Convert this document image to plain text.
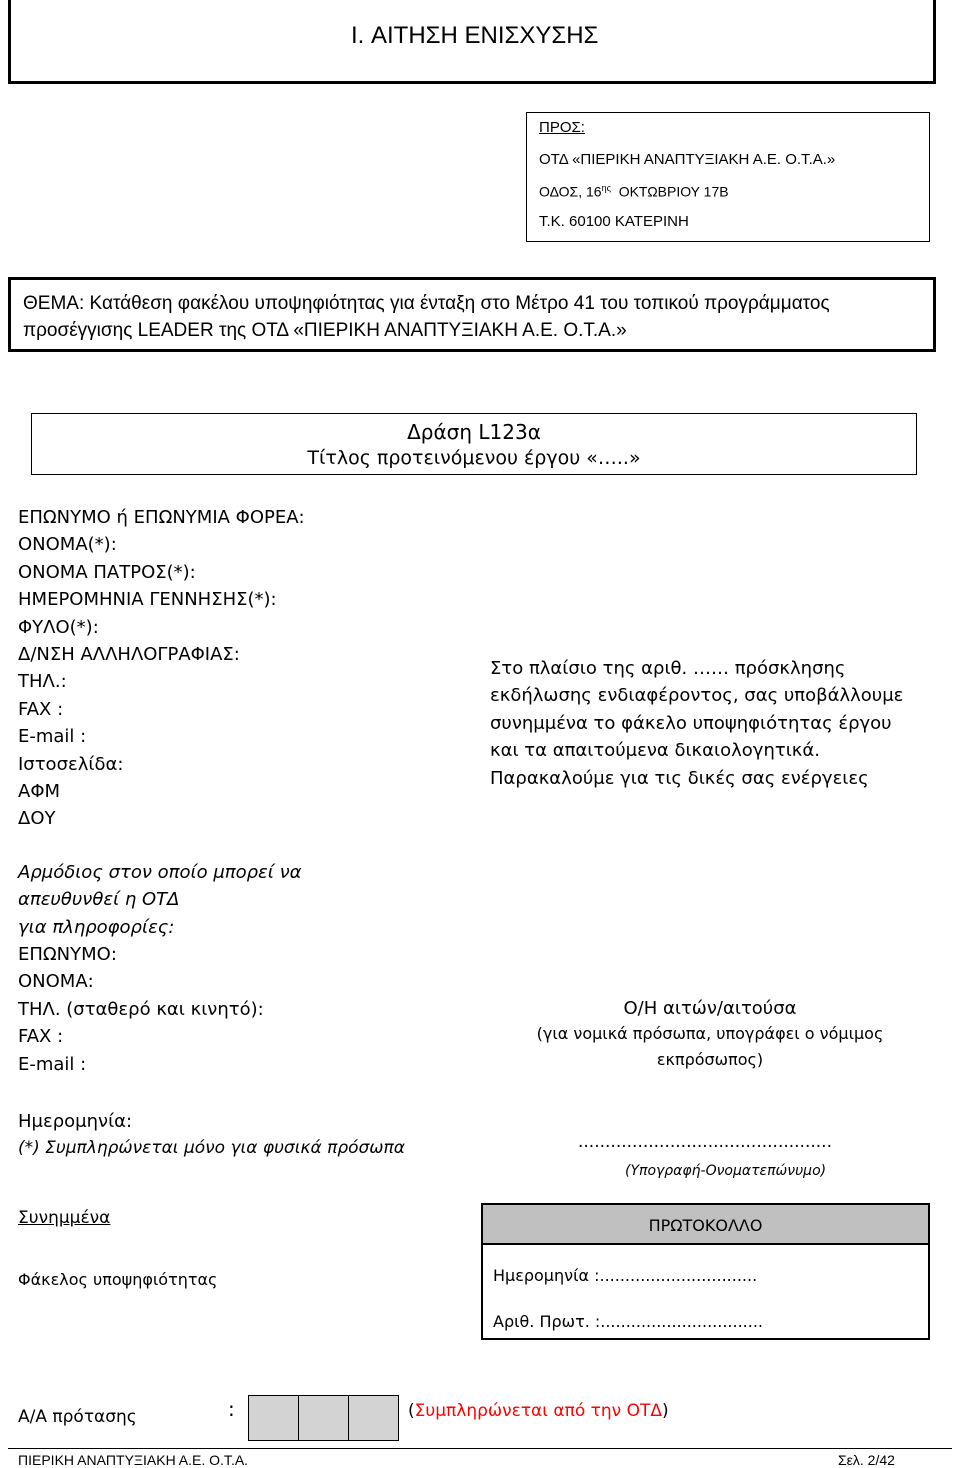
I. ΑΙΤΗΣΗ ΕΝΙΣΧΥΣΗΣ
ΠΡΟΣ:
ΟΤΔ «ΠΙΕΡΙΚΗ ΑΝΑΠΤΥΞΙΑΚΗ Α.Ε. Ο.Τ.Α.»
ΟΔΟΣ, $16^{\eta\varsigma}$ ΟΚΤΩΒΡΙΟΥ 17Β
Τ.Κ. 60100 ΚΑΤΕΡΙΝΗ
ΘΕΜΑ: Κατάθεση φακέλου υποψηφιότητας για ένταξη στο Μέτρο 41 του τοπικού προγράμματος προσέγγισης LEADER της ΟΤΔ «ΠΙΕΡΙΚΗ ΑΝΑΠΤΥΞΙΑΚΗ Α.Ε. Ο.Τ.Α.»
Δράση L123α
Τίτλος προτεινόμενου έργου «…..»
ΕΠΩΝΥΜΟ ή ΕΠΩΝΥΜΙΑ ΦΟΡΕΑ:
ΟΝΟΜΑ(*):
ΟΝΟΜΑ ΠΑΤΡΟΣ(*):
ΗΜΕΡΟΜΗΝΙΑ ΓΕΝΝΗΣΗΣ(*):
ΦΥΛΟ(*):
Δ/ΝΣΗ ΑΛΛΗΛΟΓΡΑΦΙΑΣ:
ΤΗΛ.:
FAX :
E-mail :
Ιστοσελίδα:
ΑΦΜ
ΔΟΥ
Στο πλαίσιο της αριθ. …… πρόσκλησης εκδήλωσης ενδιαφέροντος, σας υποβάλλουμε συνημμένα το φάκελο υποψηφιότητας έργου και τα απαιτούμενα δικαιολογητικά. Παρακαλούμε για τις δικές σας ενέργειες
Αρμόδιος στον οποίο μπορεί να
απευθυνθεί η ΟΤΔ
για πληροφορίες:
ΕΠΩΝΥΜΟ:
ΟΝΟΜΑ:
ΤΗΛ. (σταθερό και κινητό):
FAX :
E-mail :
Ο/Η αιτών/αιτούσα
(για νομικά πρόσωπα, υπογράφει ο νόμιμος εκπρόσωπος)
Ημερομηνία:
(*) Συμπληρώνεται μόνο για φυσικά πρόσωπα	...............................................
(Υπογραφή-Ονοματεπώνυμο)
Συνημμένα
Φάκελος υποψηφιότητας
ΠΡΩΤΟΚΟΛΛΟ
Ημερομηνία :...............................
Αριθ. Πρωτ. :................................
Α/Α πρότασης	:	(Συμπληρώνεται από την ΟΤΔ)
ΠΙΕΡΙΚΗ ΑΝΑΠΤΥΞΙΑΚΗ Α.Ε. Ο.Τ.Α.	Σελ. 2/42
